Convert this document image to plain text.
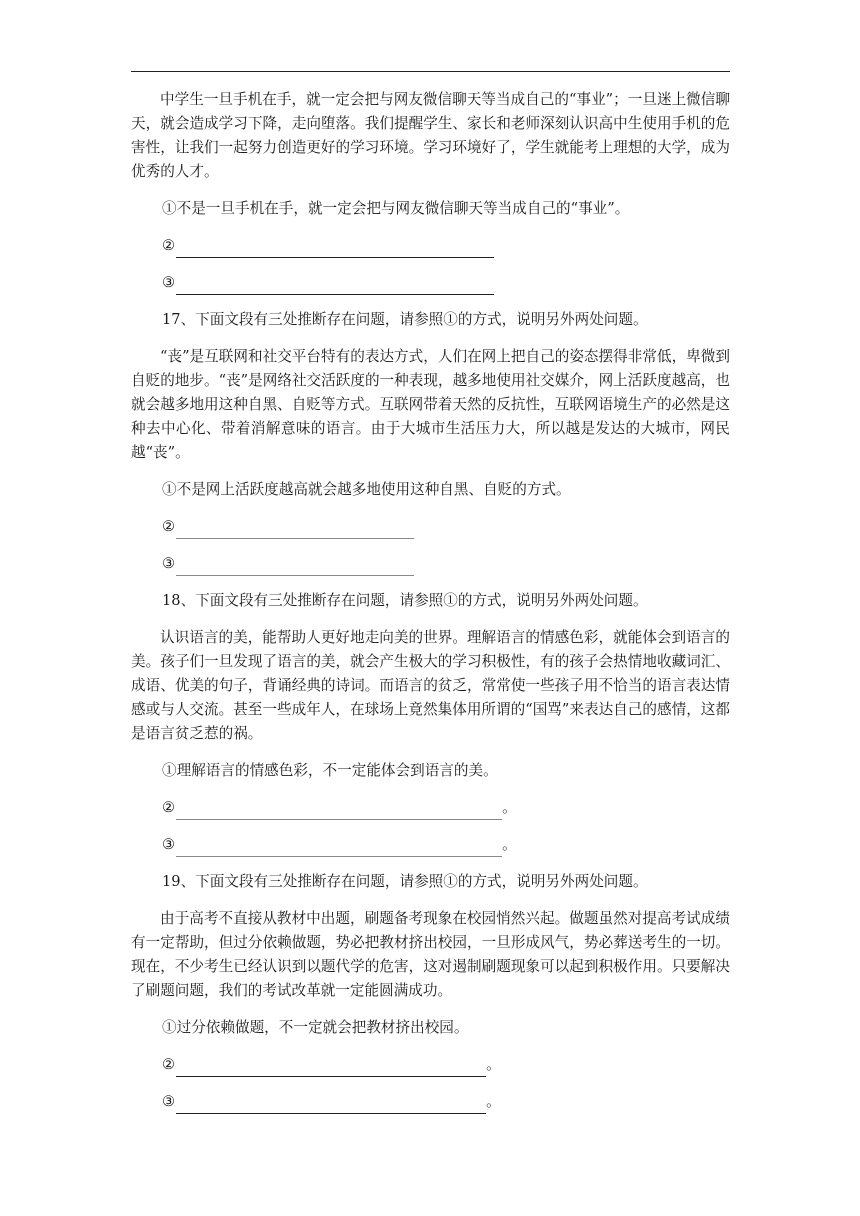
中学生一旦手机在手，就一定会把与网友微信聊天等当成自己的“事业”；一旦迷上微信聊天，就会造成学习下降，走向堕落。我们提醒学生、家长和老师深刻认识高中生使用手机的危害性，让我们一起努力创造更好的学习环境。学习环境好了，学生就能考上理想的大学，成为优秀的人才。

①不是一旦手机在手，就一定会把与网友微信聊天等当成自己的“事业”。

②

③

17、下面文段有三处推断存在问题，请参照①的方式，说明另外两处问题。

“丧”是互联网和社交平台特有的表达方式，人们在网上把自己的姿态摆得非常低，卑微到自贬的地步。“丧”是网络社交活跃度的一种表现，越多地使用社交媒介，网上活跃度越高，也就会越多地用这种自黑、自贬等方式。互联网带着天然的反抗性，互联网语境生产的必然是这种去中心化、带着消解意味的语言。由于大城市生活压力大，所以越是发达的大城市，网民越“丧”。

①不是网上活跃度越高就会越多地使用这种自黑、自贬的方式。

②

③

18、下面文段有三处推断存在问题，请参照①的方式，说明另外两处问题。

认识语言的美，能帮助人更好地走向美的世界。理解语言的情感色彩，就能体会到语言的美。孩子们一旦发现了语言的美，就会产生极大的学习积极性，有的孩子会热情地收藏词汇、成语、优美的句子，背诵经典的诗词。而语言的贫乏，常常使一些孩子用不恰当的语言表达情感或与人交流。甚至一些成年人，在球场上竟然集体用所谓的“国骂”来表达自己的感情，这都是语言贫乏惹的祸。

①理解语言的情感色彩，不一定能体会到语言的美。

②	。

③	。

19、下面文段有三处推断存在问题，请参照①的方式，说明另外两处问题。

由于高考不直接从教材中出题，刷题备考现象在校园悄然兴起。做题虽然对提高考试成绩有一定帮助，但过分依赖做题，势必把教材挤出校园，一旦形成风气，势必葬送考生的一切。现在，不少考生已经认识到以题代学的危害，这对遏制刷题现象可以起到积极作用。只要解决了刷题问题，我们的考试改革就一定能圆满成功。

①过分依赖做题，不一定就会把教材挤出校园。

②	。

③	。
